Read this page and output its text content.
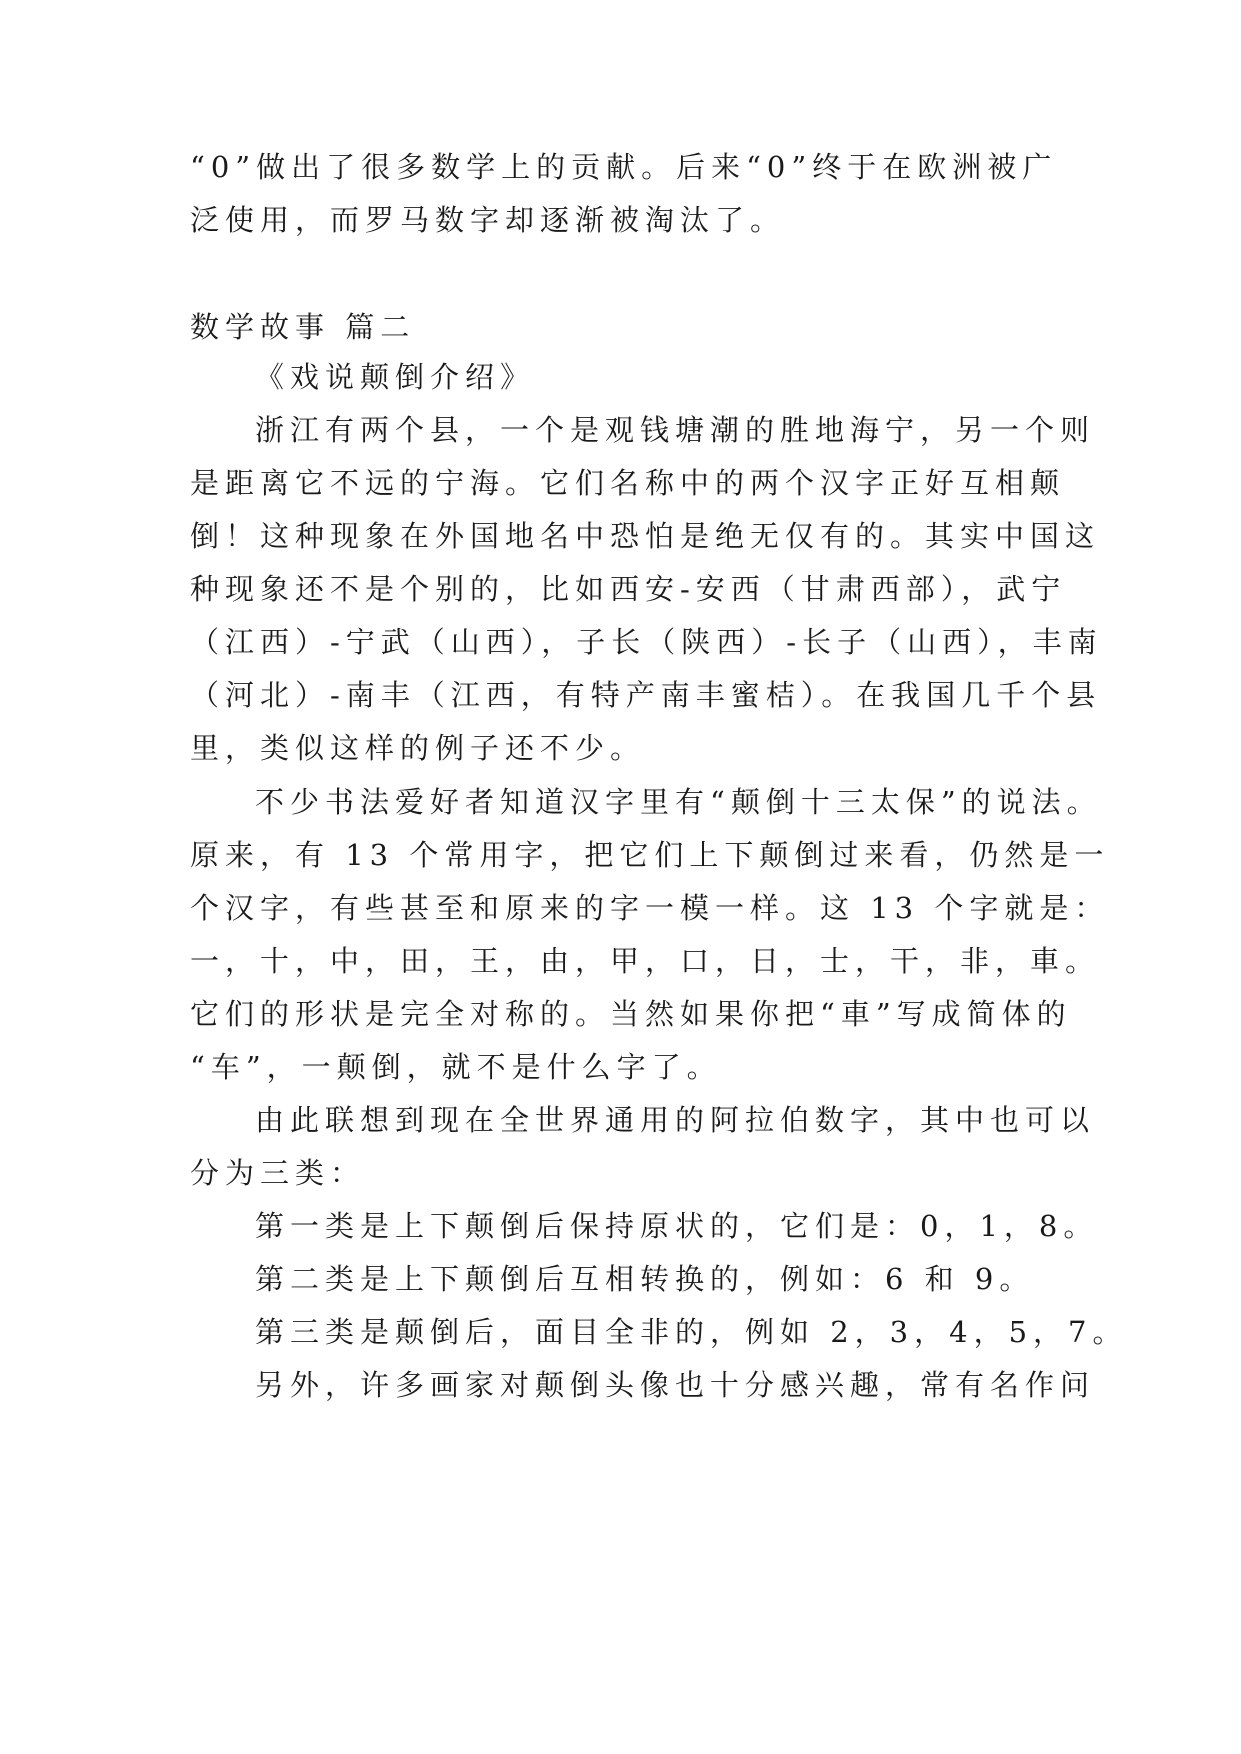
“0”做出了很多数学上的贡献。后来“0”终于在欧洲被广
泛使用，而罗马数字却逐渐被淘汰了。
数学故事 篇二
《戏说颠倒介绍》
浙江有两个县，一个是观钱塘潮的胜地海宁，另一个则
是距离它不远的宁海。它们名称中的两个汉字正好互相颠
倒！这种现象在外国地名中恐怕是绝无仅有的。其实中国这
种现象还不是个别的，比如西安-安西（甘肃西部），武宁
（江西）-宁武（山西），子长（陕西）-长子（山西），丰南
（河北）-南丰（江西，有特产南丰蜜桔）。在我国几千个县
里，类似这样的例子还不少。
不少书法爱好者知道汉字里有“颠倒十三太保”的说法。
原来，有 13 个常用字，把它们上下颠倒过来看，仍然是一
个汉字，有些甚至和原来的字一模一样。这 13 个字就是：
一，十，中，田，王，由，甲，口，日，士，干，非，車。
它们的形状是完全对称的。当然如果你把“車”写成简体的
“车”，一颠倒，就不是什么字了。
由此联想到现在全世界通用的阿拉伯数字，其中也可以
分为三类：
第一类是上下颠倒后保持原状的，它们是：0，1，8。
第二类是上下颠倒后互相转换的，例如：6 和 9。
第三类是颠倒后，面目全非的，例如 2，3，4，5，7。
另外，许多画家对颠倒头像也十分感兴趣，常有名作问
